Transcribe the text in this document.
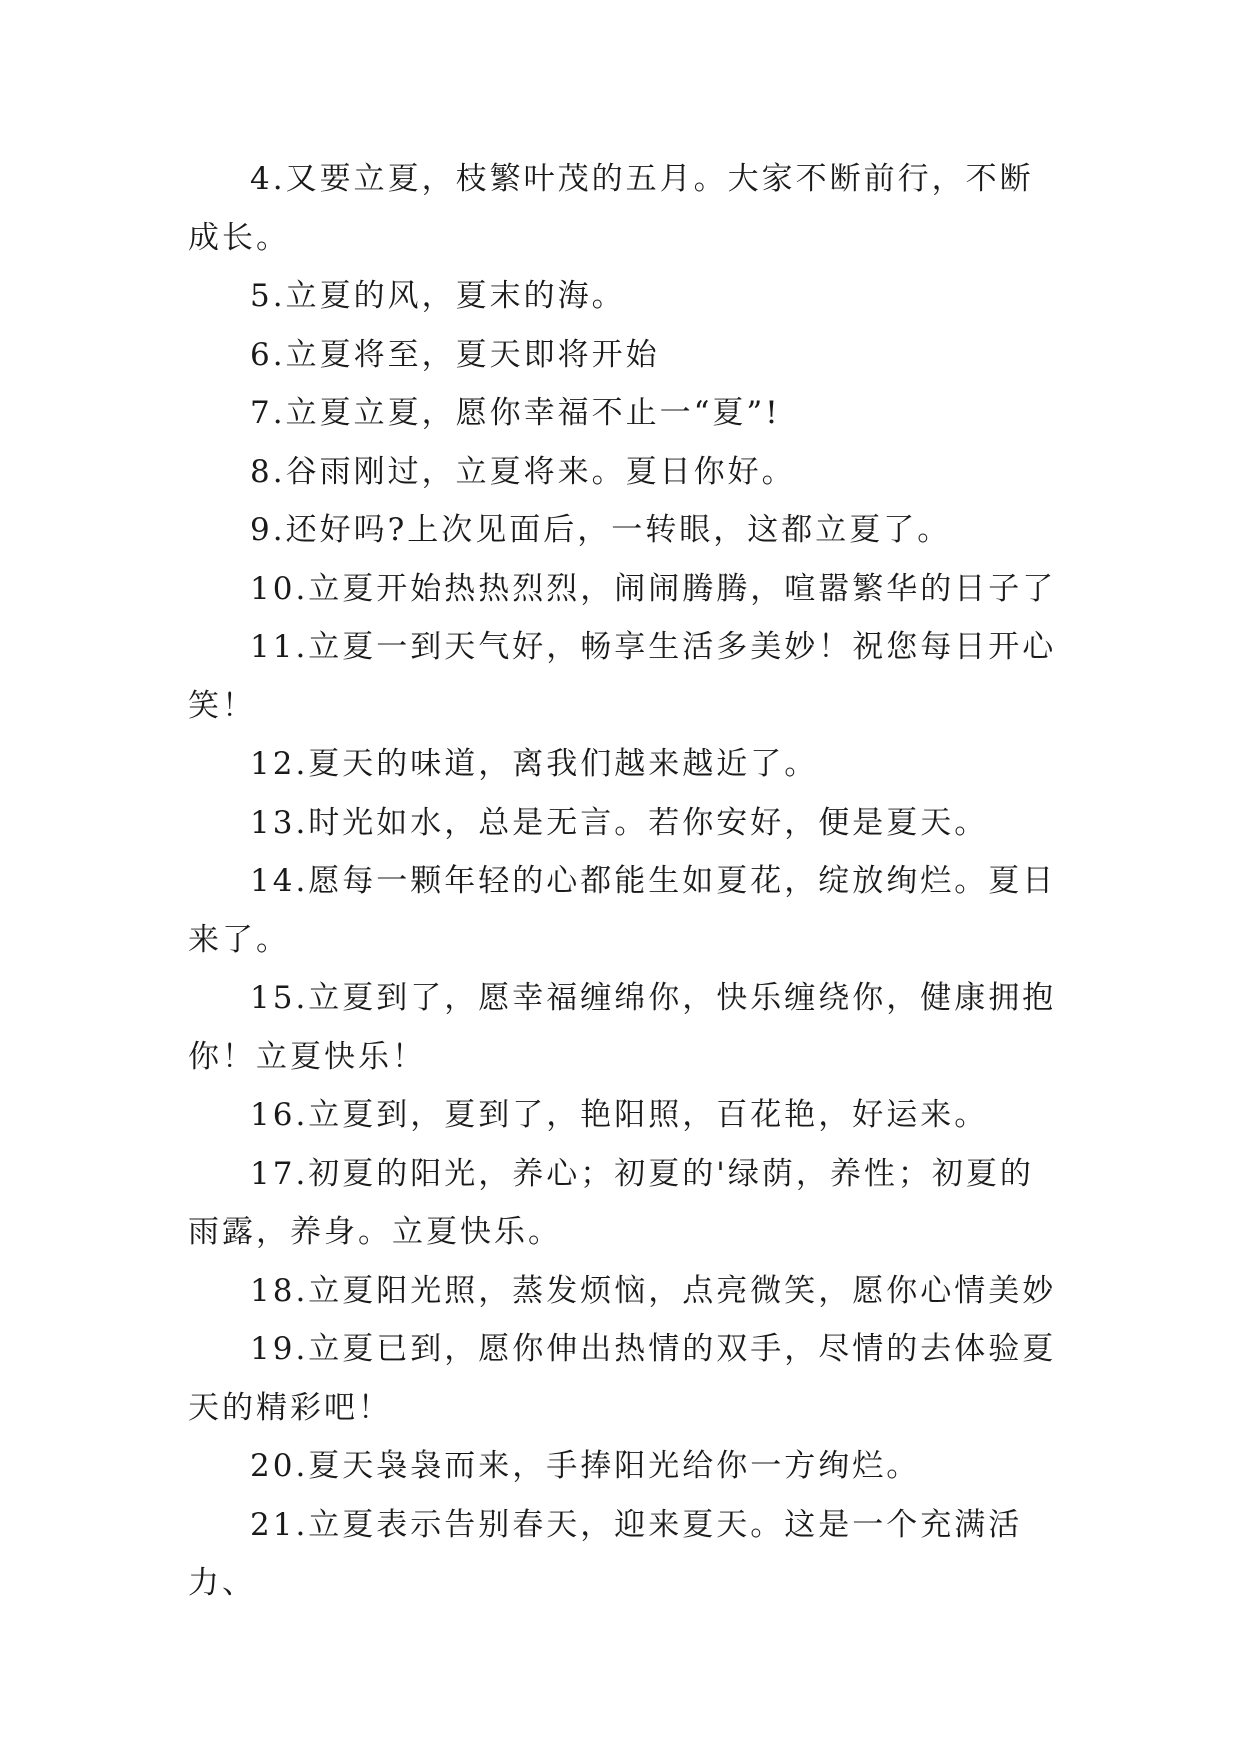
4.又要立夏，枝繁叶茂的五月。大家不断前行，不断成长。

5.立夏的风，夏末的海。

6.立夏将至，夏天即将开始

7.立夏立夏，愿你幸福不止一“夏”!

8.谷雨刚过，立夏将来。夏日你好。

9.还好吗?上次见面后，一转眼，这都立夏了。

10.立夏开始热热烈烈，闹闹腾腾，喧嚣繁华的日子了

11.立夏一到天气好，畅享生活多美妙！祝您每日开心笑！

12.夏天的味道，离我们越来越近了。

13.时光如水，总是无言。若你安好，便是夏天。

14.愿每一颗年轻的心都能生如夏花，绽放绚烂。夏日来了。

15.立夏到了，愿幸福缠绵你，快乐缠绕你，健康拥抱你！立夏快乐！

16.立夏到，夏到了，艳阳照，百花艳，好运来。

17.初夏的阳光，养心；初夏的'绿荫，养性；初夏的雨露，养身。立夏快乐。

18.立夏阳光照，蒸发烦恼，点亮微笑，愿你心情美妙

19.立夏已到，愿你伸出热情的双手，尽情的去体验夏天的精彩吧！

20.夏天袅袅而来，手捧阳光给你一方绚烂。

21.立夏表示告别春天，迎来夏天。这是一个充满活力、
